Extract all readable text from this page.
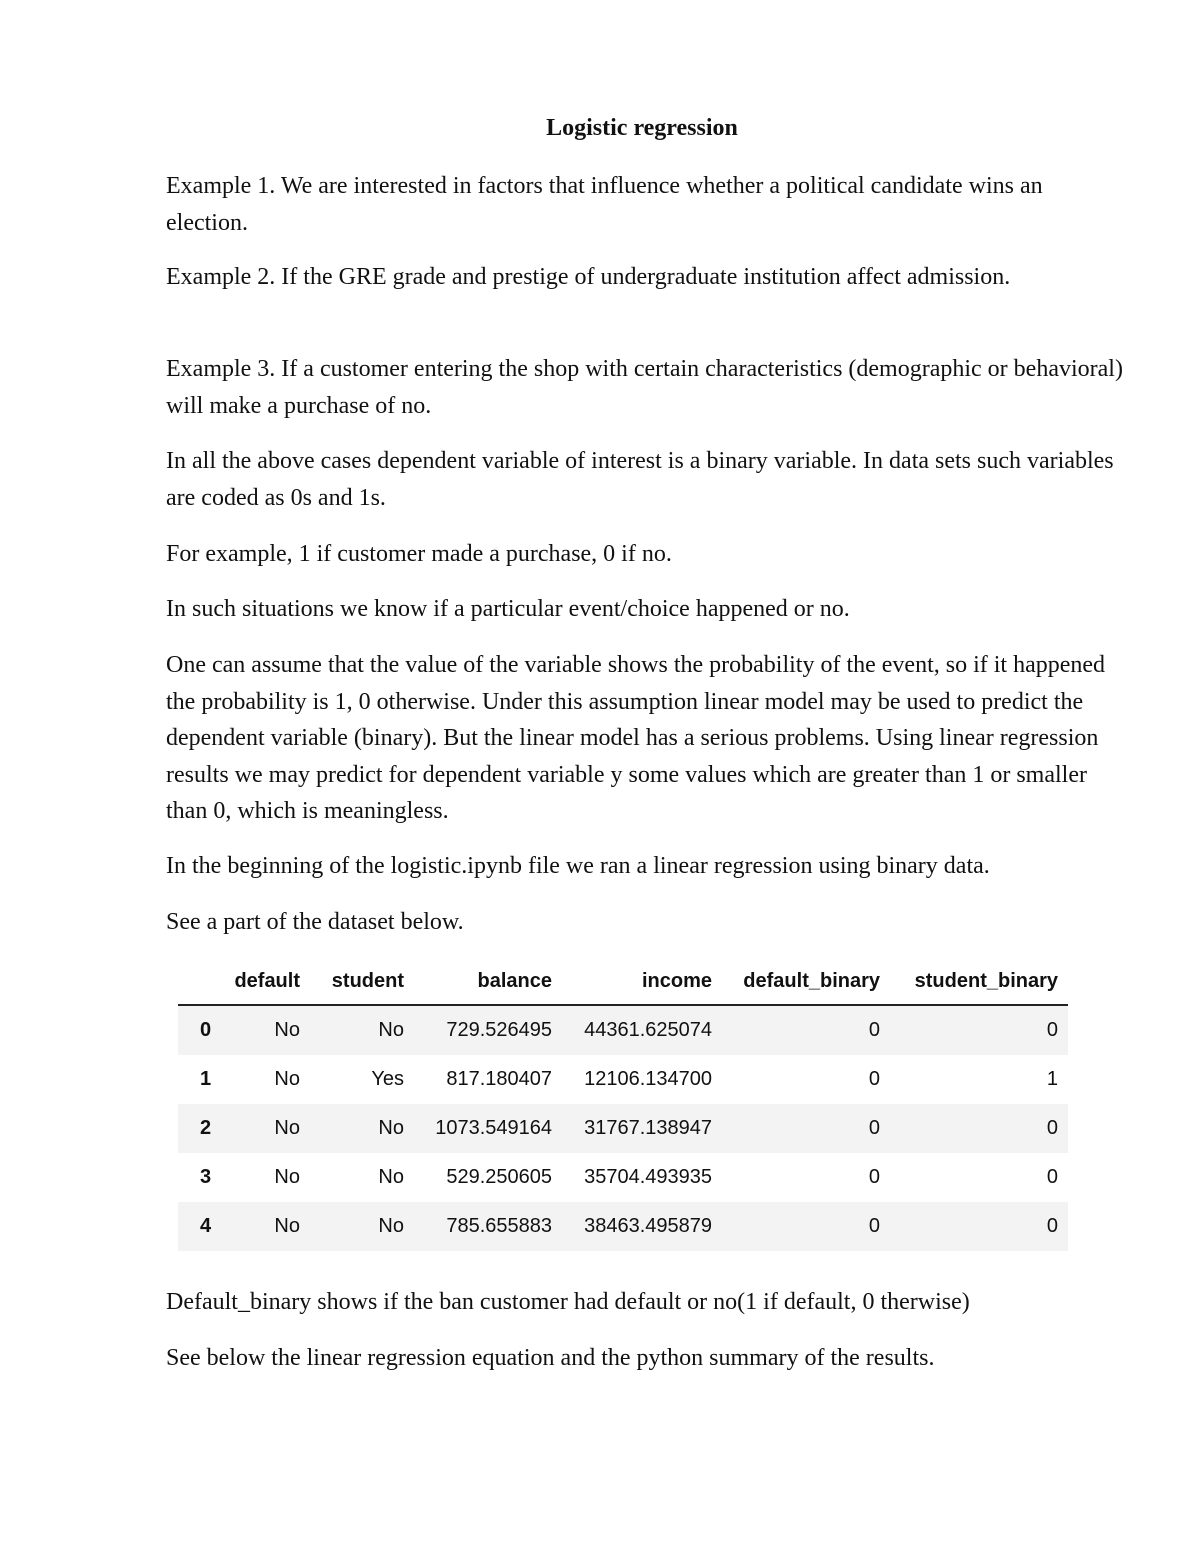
Logistic regression

Example 1. We are interested in factors that influence whether a political candidate wins an election.

Example 2. If the GRE grade and prestige of undergraduate institution affect admission.

Example 3. If a customer entering the shop with certain characteristics (demographic or behavioral) will make a purchase of no.

In all the above cases dependent variable of interest is a binary variable. In data sets such variables are coded as 0s and 1s.

For example, 1 if customer made a purchase, 0 if no.

In such situations we know if a particular event/choice happened or no.

One can assume that the value of the variable shows the probability of the event, so if it happened the probability is 1, 0 otherwise. Under this assumption linear model may be used to predict the dependent variable (binary). But the linear model has a serious problems. Using linear regression results we may predict for dependent variable y some values which are greater than 1 or smaller than 0, which is meaningless.

In the beginning of the logistic.ipynb file we ran a linear regression using binary data.

See a part of the dataset below.

Default_binary shows if the ban customer had default or no(1 if default, 0 therwise)

See below the linear regression equation and the python summary of the results.

	default	student	balance	income	default_binary	student_binary
0	No	No	729.526495	44361.625074	0	0
1	No	Yes	817.180407	12106.134700	0	1
2	No	No	1073.549164	31767.138947	0	0
3	No	No	529.250605	35704.493935	0	0
4	No	No	785.655883	38463.495879	0	0
